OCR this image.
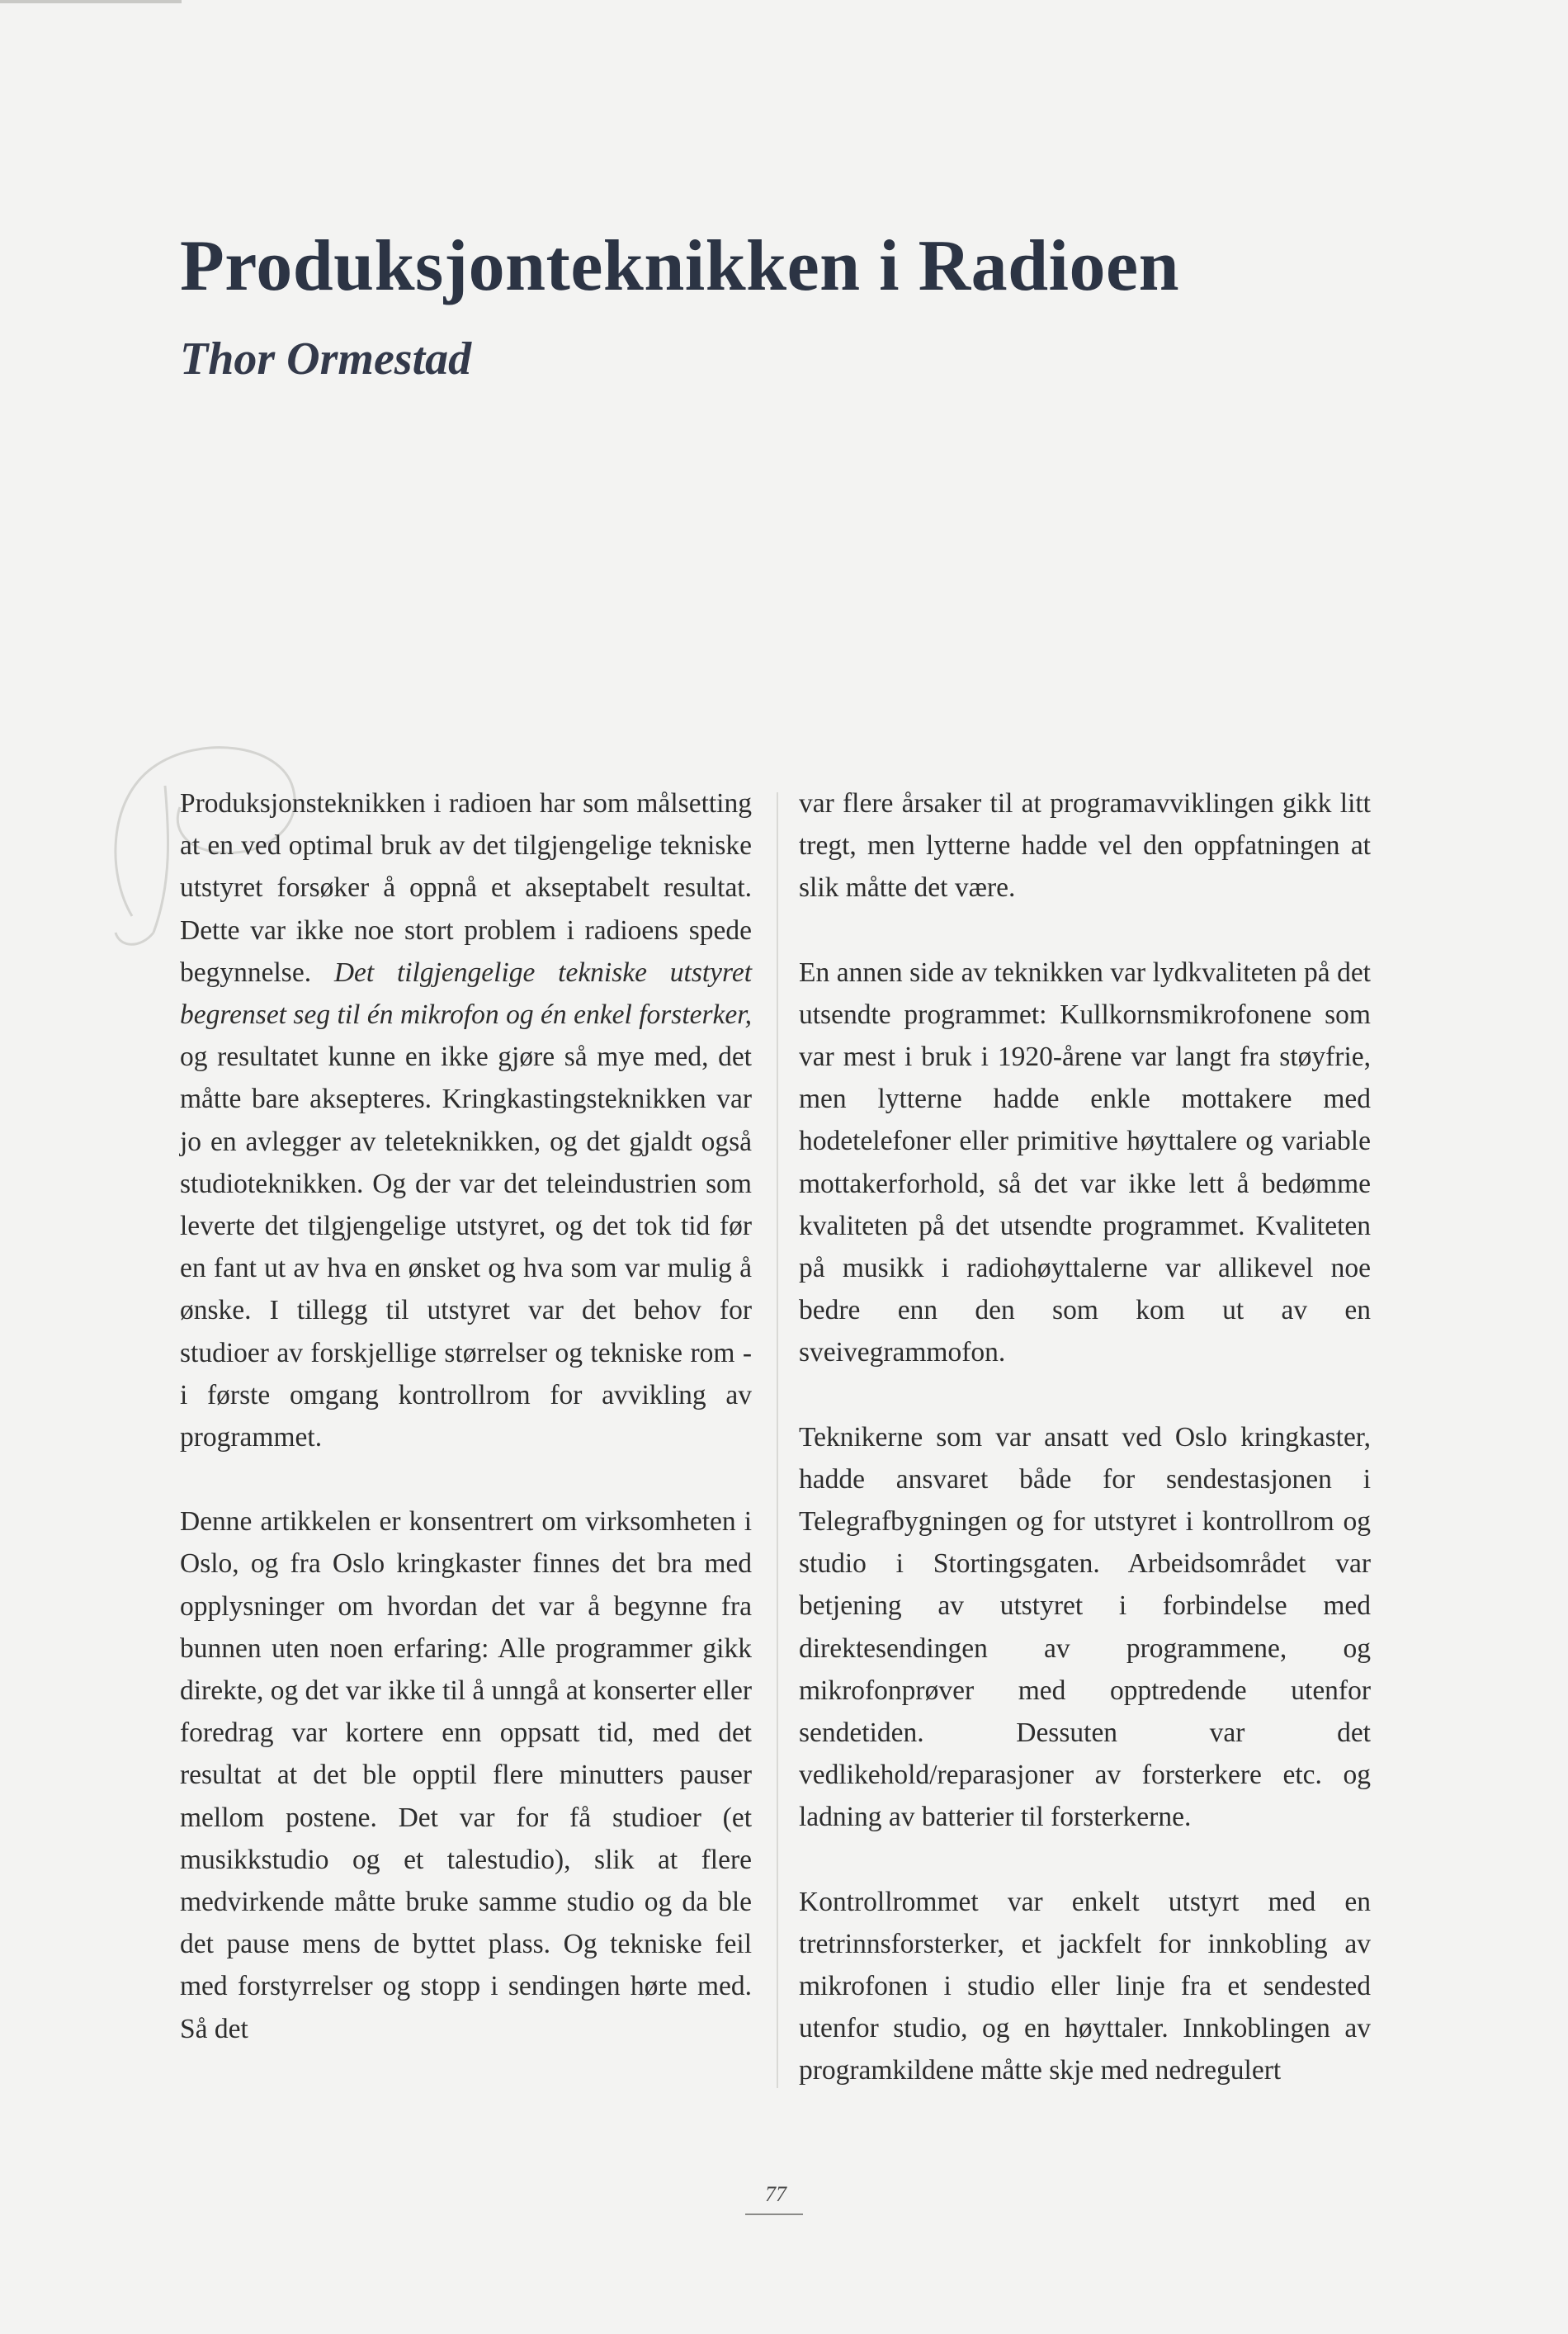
Produksjonteknikken i Radioen
Thor Ormestad

Produksjonsteknikken i radioen har som målsetting at en ved optimal bruk av det tilgjengelige tekniske utstyret forsøker å oppnå et akseptabelt resultat. Dette var ikke noe stort problem i radioens spede begynnelse. Det tilgjengelige tekniske utstyret begrenset seg til én mikrofon og én enkel forsterker, og resultatet kunne en ikke gjøre så mye med, det måtte bare aksepteres. Kringkastingsteknikken var jo en avlegger av teleteknikken, og det gjaldt også studioteknikken. Og der var det teleindustrien som leverte det tilgjengelige utstyret, og det tok tid før en fant ut av hva en ønsket og hva som var mulig å ønske. I tillegg til utstyret var det behov for studioer av forskjellige størrelser og tekniske rom - i første omgang kontrollrom for avvikling av programmet.

Denne artikkelen er konsentrert om virksomheten i Oslo, og fra Oslo kringkaster finnes det bra med opplysninger om hvordan det var å begynne fra bunnen uten noen erfaring: Alle programmer gikk direkte, og det var ikke til å unngå at konserter eller foredrag var kortere enn oppsatt tid, med det resultat at det ble opptil flere minutters pauser mellom postene. Det var for få studioer (et musikkstudio og et talestudio), slik at flere medvirkende måtte bruke samme studio og da ble det pause mens de byttet plass. Og tekniske feil med forstyrrelser og stopp i sendingen hørte med. Så det

var flere årsaker til at programavviklingen gikk litt tregt, men lytterne hadde vel den oppfatningen at slik måtte det være.

En annen side av teknikken var lydkvaliteten på det utsendte programmet: Kullkornsmikrofonene som var mest i bruk i 1920-årene var langt fra støyfrie, men lytterne hadde enkle mottakere med hodetelefoner eller primitive høyttalere og variable mottakerforhold, så det var ikke lett å bedømme kvaliteten på det utsendte programmet. Kvaliteten på musikk i radiohøyttalerne var allikevel noe bedre enn den som kom ut av en sveivegrammofon.

Teknikerne som var ansatt ved Oslo kringkaster, hadde ansvaret både for sendestasjonen i Telegrafbygningen og for utstyret i kontrollrom og studio i Stortingsgaten. Arbeidsområdet var betjening av utstyret i forbindelse med direktesendingen av programmene, og mikrofonprøver med opptredende utenfor sendetiden. Dessuten var det vedlikehold/reparasjoner av forsterkere etc. og ladning av batterier til forsterkerne.

Kontrollrommet var enkelt utstyrt med en tretrinnsforsterker, et jackfelt for innkobling av mikrofonen i studio eller linje fra et sendested utenfor studio, og en høyttaler. Innkoblingen av programkildene måtte skje med nedregulert

77
